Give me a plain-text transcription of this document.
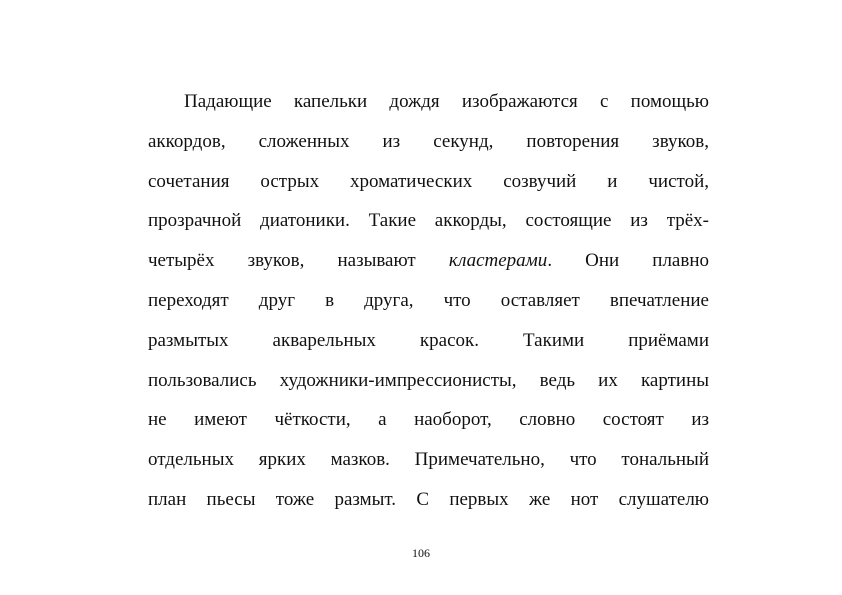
Падающие капельки дождя изображаются с помощью
аккордов, сложенных из секунд, повторения звуков,
сочетания острых хроматических созвучий и чистой,
прозрачной диатоники. Такие аккорды, состоящие из трёх-
четырёх звуков, называют кластерами. Они плавно
переходят друг в друга, что оставляет впечатление
размытых акварельных красок. Такими приёмами
пользовались художники-импрессионисты, ведь их картины
не имеют чёткости, а наоборот, словно состоят из
отдельных ярких мазков. Примечательно, что тональный
план пьесы тоже размыт. С первых же нот слушателю
106
